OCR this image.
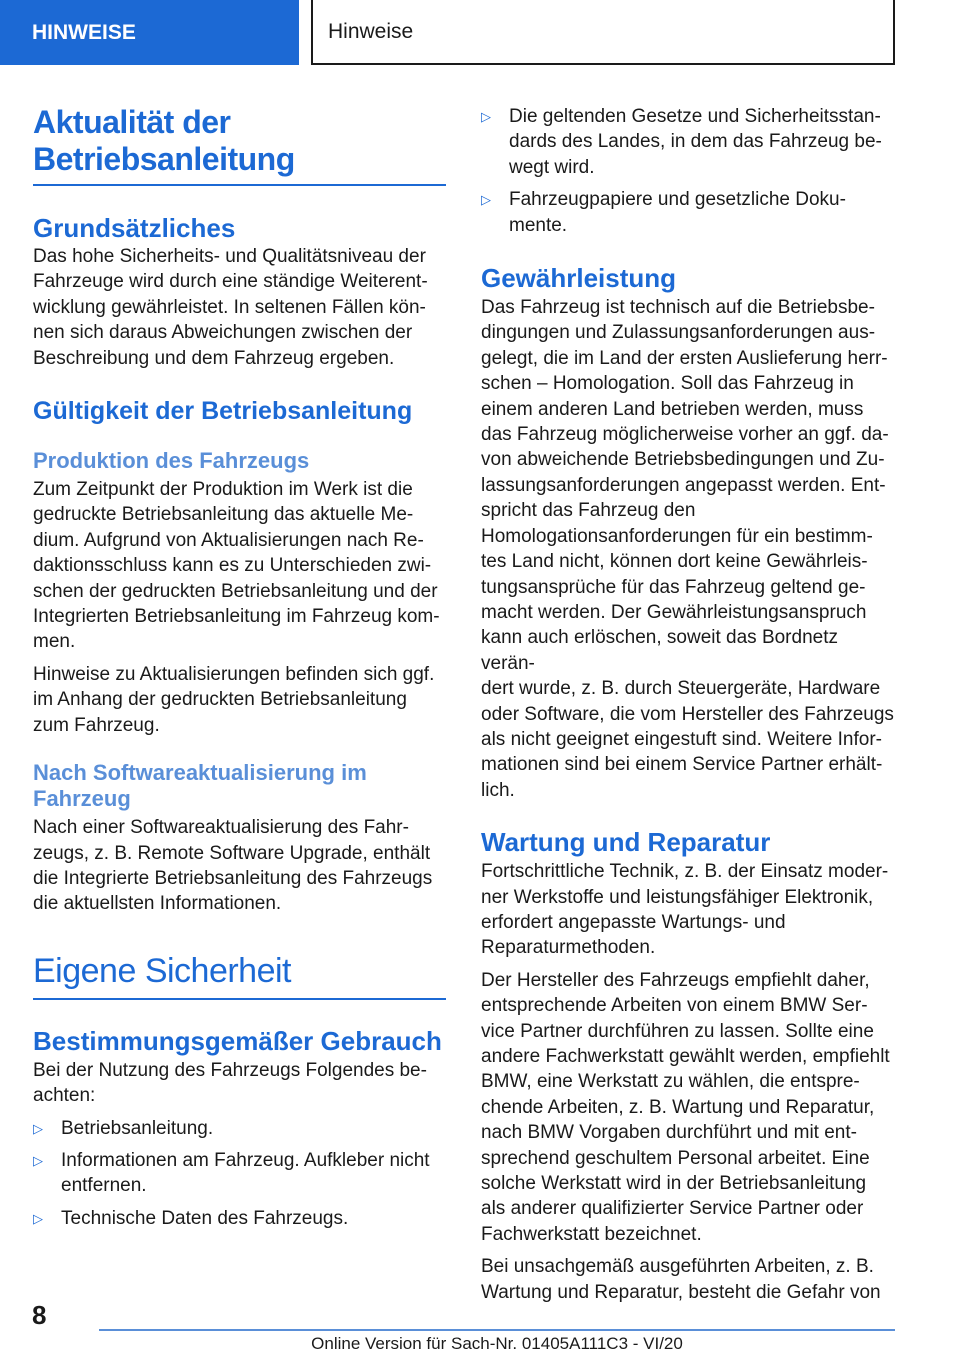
HINWEISE	Hinweise
Aktualität der
Betriebsanleitung
Grundsätzliches
Das hohe Sicherheits- und Qualitätsniveau der
Fahrzeuge wird durch eine ständige Weiterent-
wicklung gewährleistet. In seltenen Fällen kön-
nen sich daraus Abweichungen zwischen der
Beschreibung und dem Fahrzeug ergeben.
Gültigkeit der Betriebsanleitung
Produktion des Fahrzeugs
Zum Zeitpunkt der Produktion im Werk ist die
gedruckte Betriebsanleitung das aktuelle Me-
dium. Aufgrund von Aktualisierungen nach Re-
daktionsschluss kann es zu Unterschieden zwi-
schen der gedruckten Betriebsanleitung und der
Integrierten Betriebsanleitung im Fahrzeug kom-
men.
Hinweise zu Aktualisierungen befinden sich ggf.
im Anhang der gedruckten Betriebsanleitung
zum Fahrzeug.
Nach Softwareaktualisierung im
Fahrzeug
Nach einer Softwareaktualisierung des Fahr-
zeugs, z. B. Remote Software Upgrade, enthält
die Integrierte Betriebsanleitung des Fahrzeugs
die aktuellsten Informationen.
Eigene Sicherheit
Bestimmungsgemäßer Gebrauch
Bei der Nutzung des Fahrzeugs Folgendes be-
achten:
▷ Betriebsanleitung.
▷ Informationen am Fahrzeug. Aufkleber nicht
entfernen.
▷ Technische Daten des Fahrzeugs.
▷ Die geltenden Gesetze und Sicherheitsstan-
dards des Landes, in dem das Fahrzeug be-
wegt wird.
▷ Fahrzeugpapiere und gesetzliche Doku-
mente.
Gewährleistung
Das Fahrzeug ist technisch auf die Betriebsbe-
dingungen und Zulassungsanforderungen aus-
gelegt, die im Land der ersten Auslieferung herr-
schen – Homologation. Soll das Fahrzeug in
einem anderen Land betrieben werden, muss
das Fahrzeug möglicherweise vorher an ggf. da-
von abweichende Betriebsbedingungen und Zu-
lassungsanforderungen angepasst werden. Ent-
spricht das Fahrzeug den
Homologationsanforderungen für ein bestimm-
tes Land nicht, können dort keine Gewährleis-
tungsansprüche für das Fahrzeug geltend ge-
macht werden. Der Gewährleistungsanspruch
kann auch erlöschen, soweit das Bordnetz verän-
dert wurde, z. B. durch Steuergeräte, Hardware
oder Software, die vom Hersteller des Fahrzeugs
als nicht geeignet eingestuft sind. Weitere Infor-
mationen sind bei einem Service Partner erhält-
lich.
Wartung und Reparatur
Fortschrittliche Technik, z. B. der Einsatz moder-
ner Werkstoffe und leistungsfähiger Elektronik,
erfordert angepasste Wartungs- und
Reparaturmethoden.
Der Hersteller des Fahrzeugs empfiehlt daher,
entsprechende Arbeiten von einem BMW Ser-
vice Partner durchführen zu lassen. Sollte eine
andere Fachwerkstatt gewählt werden, empfiehlt
BMW, eine Werkstatt zu wählen, die entspre-
chende Arbeiten, z. B. Wartung und Reparatur,
nach BMW Vorgaben durchführt und mit ent-
sprechend geschultem Personal arbeitet. Eine
solche Werkstatt wird in der Betriebsanleitung
als anderer qualifizierter Service Partner oder
Fachwerkstatt bezeichnet.
Bei unsachgemäß ausgeführten Arbeiten, z. B.
Wartung und Reparatur, besteht die Gefahr von
8
Online Version für Sach-Nr. 01405A111C3 - VI/20
